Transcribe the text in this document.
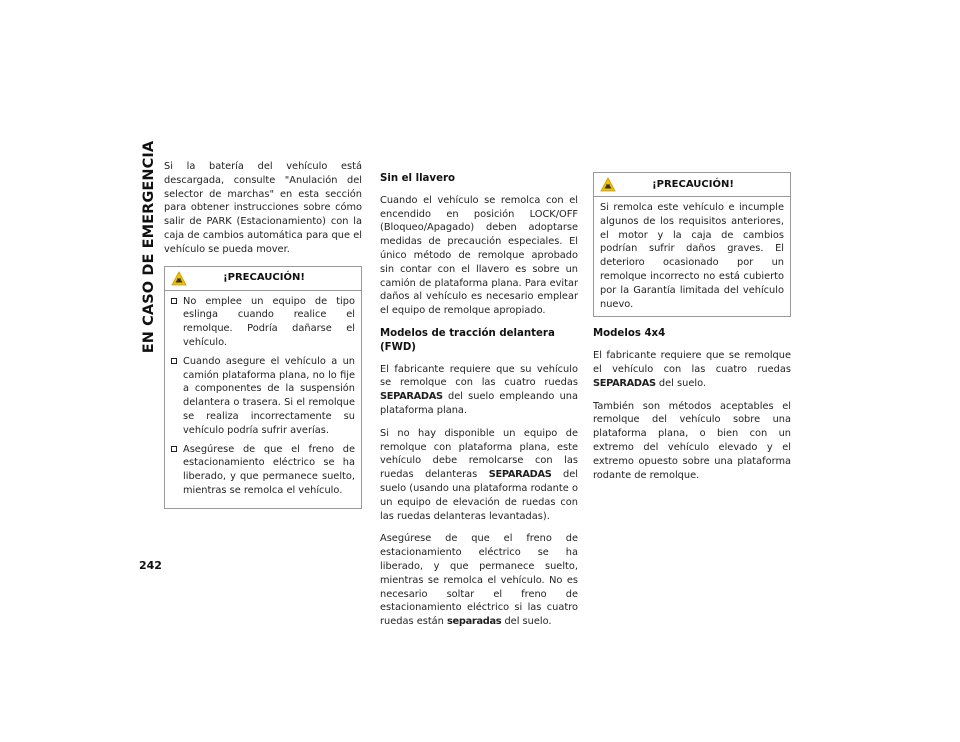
EN CASO DE EMERGENCIA
242

Si la batería del vehículo está descargada, consulte "Anulación del selector de marchas" en esta sección para obtener instrucciones sobre cómo salir de PARK (Estacionamiento) con la caja de cambios automática para que el vehículo se pueda mover.

¡PRECAUCIÓN!
No emplee un equipo de tipo eslinga cuando realice el remolque. Podría dañarse el vehículo.
Cuando asegure el vehículo a un camión plataforma plana, no lo fije a componentes de la suspensión delantera o trasera. Si el remolque se realiza incorrectamente su vehículo podría sufrir averías.
Asegúrese de que el freno de estacionamiento eléctrico se ha liberado, y que permanece suelto, mientras se remolca el vehículo.
Sin el llavero

Cuando el vehículo se remolca con el encendido en posición LOCK/OFF (Bloqueo/Apagado) deben adoptarse medidas de precaución especiales. El único método de remolque aprobado sin contar con el llavero es sobre un camión de plataforma plana. Para evitar daños al vehículo es necesario emplear el equipo de remolque apropiado.

Modelos de tracción delantera (FWD)

El fabricante requiere que su vehículo se remolque con las cuatro ruedas SEPARADAS del suelo empleando una plataforma plana.

Si no hay disponible un equipo de remolque con plataforma plana, este vehículo debe remolcarse con las ruedas delanteras SEPARADAS del suelo (usando una plataforma rodante o un equipo de elevación de ruedas con las ruedas delanteras levantadas).

Asegúrese de que el freno de estacionamiento eléctrico se ha liberado, y que permanece suelto, mientras se remolca el vehículo. No es necesario soltar el freno de estacionamiento eléctrico si las cuatro ruedas están separadas del suelo.

¡PRECAUCIÓN!

Si remolca este vehículo e incumple algunos de los requisitos anteriores, el motor y la caja de cambios podrían sufrir daños graves. El deterioro ocasionado por un remolque incorrecto no está cubierto por la Garantía limitada del vehículo nuevo.

Modelos 4x4

El fabricante requiere que se remolque el vehículo con las cuatro ruedas SEPARADAS del suelo.

También son métodos aceptables el remolque del vehículo sobre una plataforma plana, o bien con un extremo del vehículo elevado y el extremo opuesto sobre una plataforma rodante de remolque.
